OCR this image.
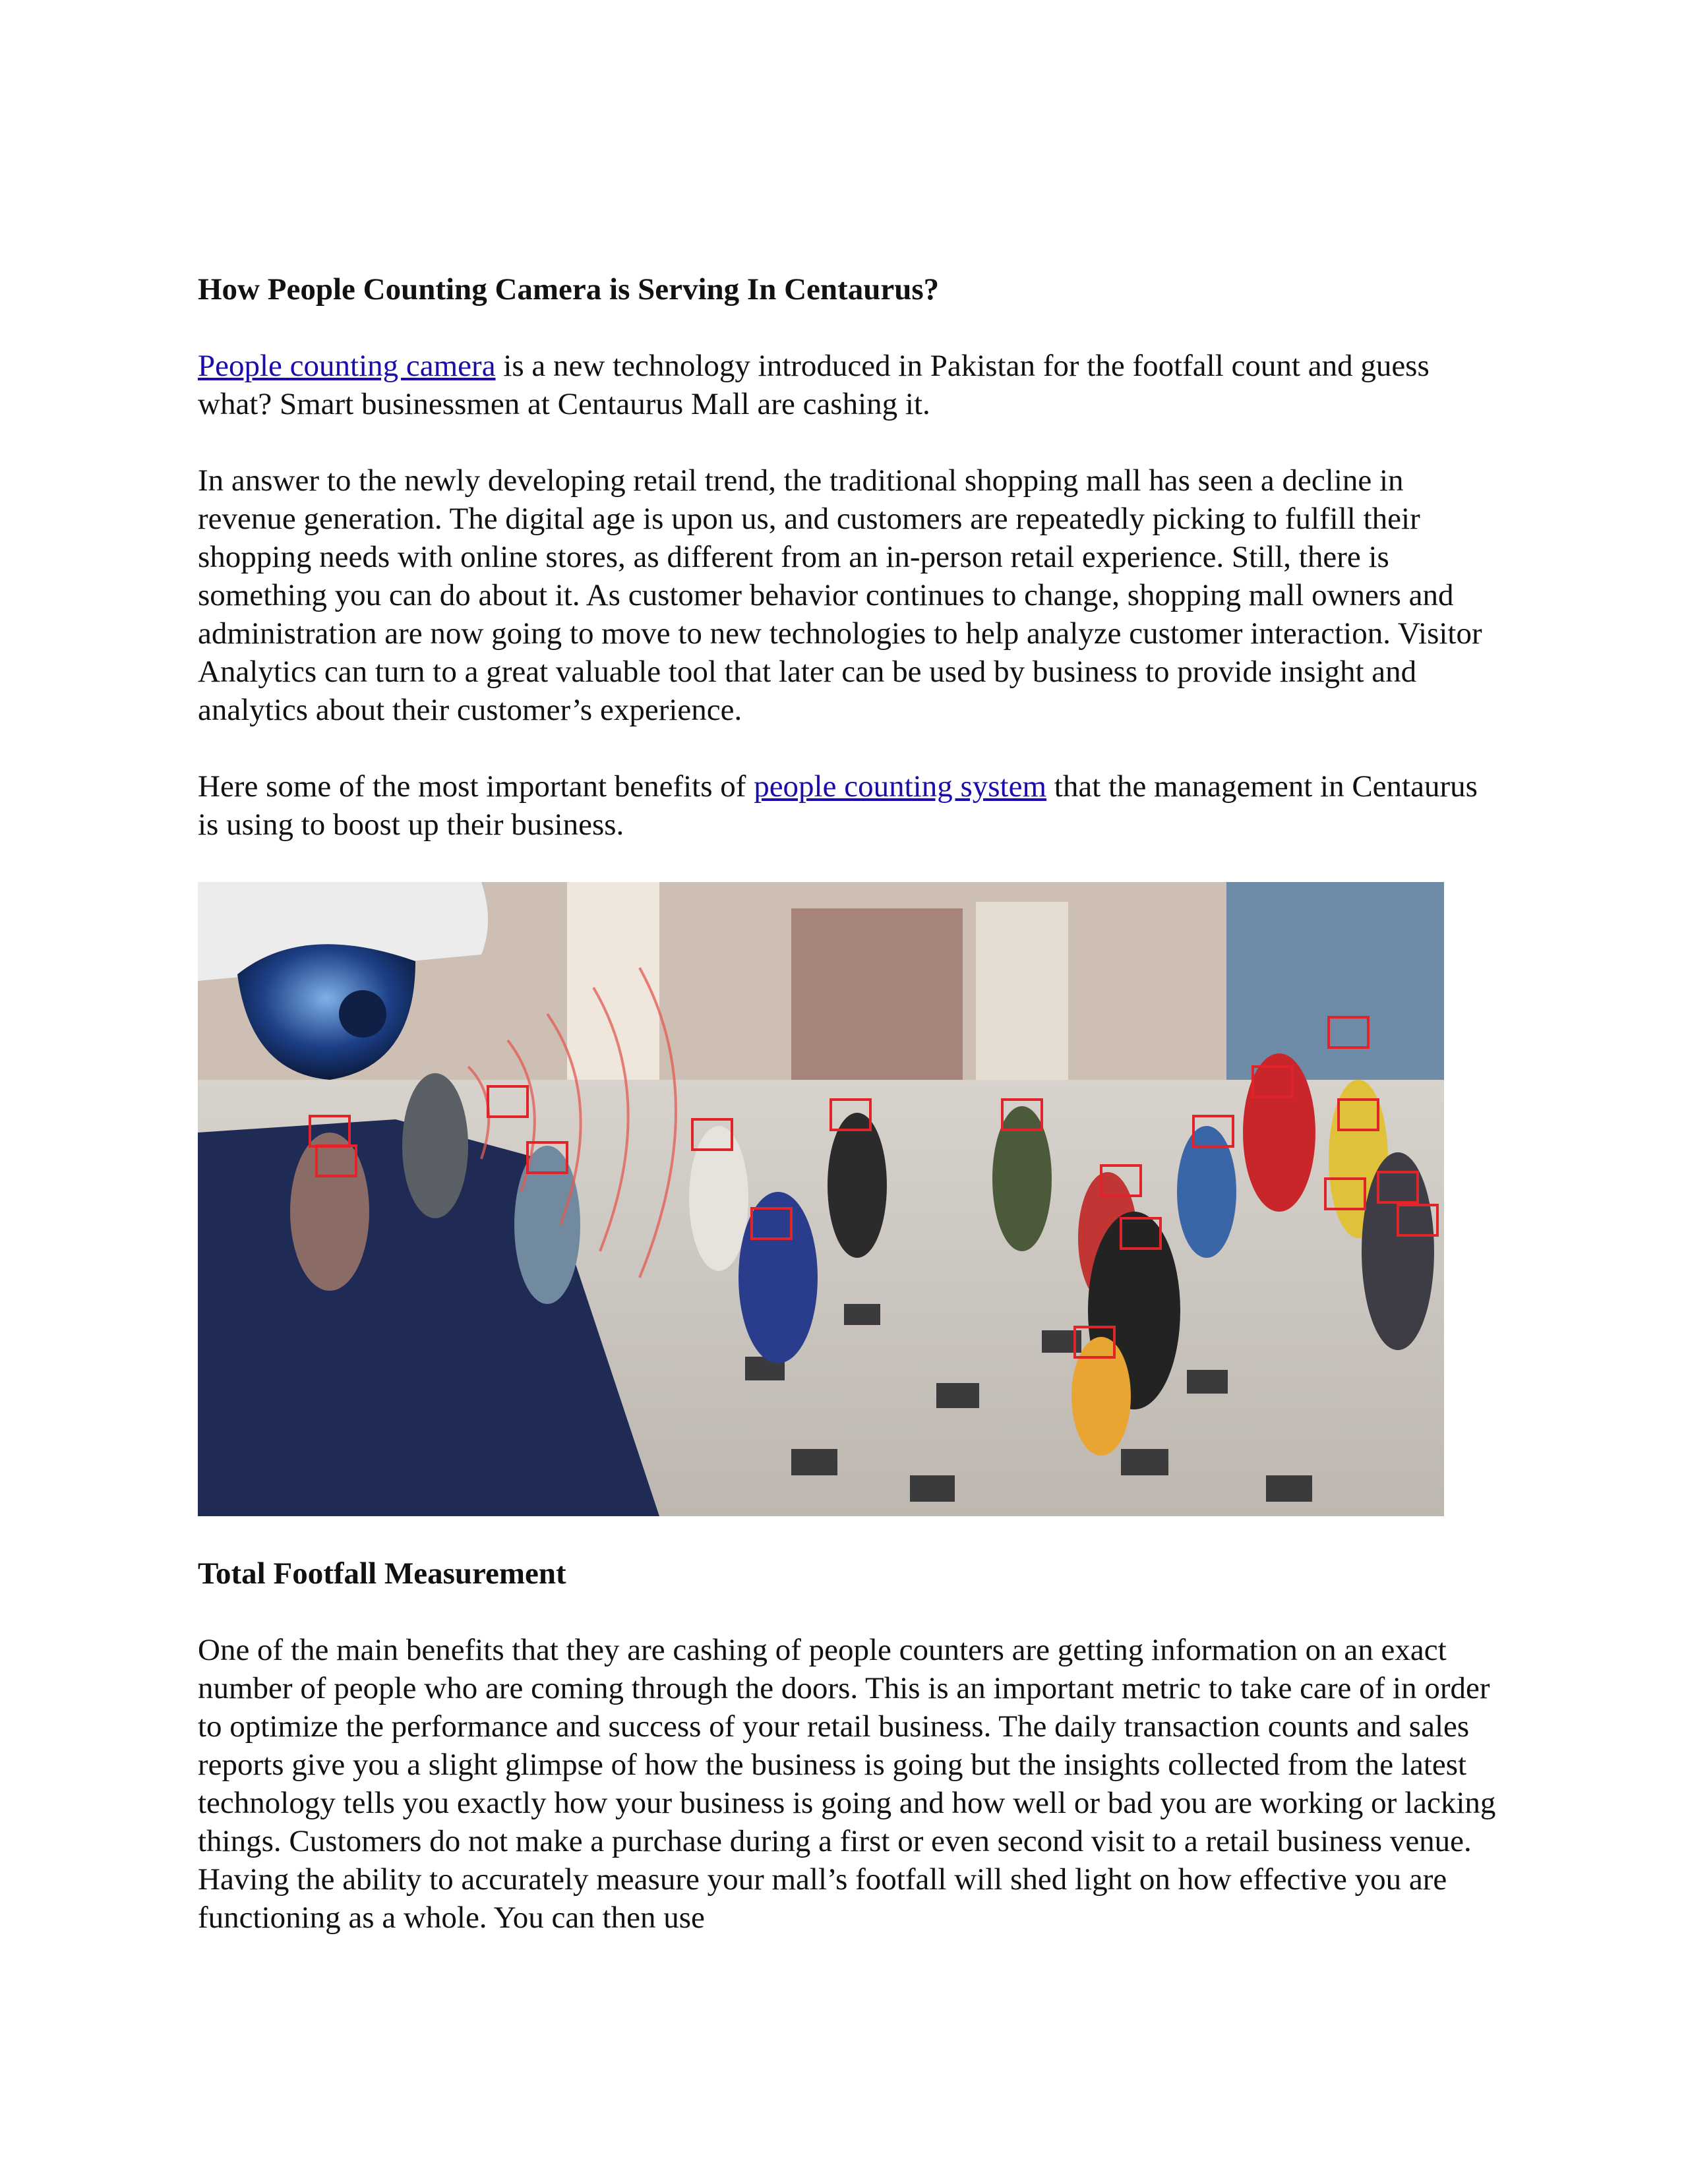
How People Counting Camera is Serving In Centaurus?

People counting camera is a new technology introduced in Pakistan for the footfall count and guess what? Smart businessmen at Centaurus Mall are cashing it.

In answer to the newly developing retail trend, the traditional shopping mall has seen a decline in revenue generation. The digital age is upon us, and customers are repeatedly picking to fulfill their shopping needs with online stores, as different from an in-person retail experience. Still, there is something you can do about it. As customer behavior continues to change, shopping mall owners and administration are now going to move to new technologies to help analyze customer interaction. Visitor Analytics can turn to a great valuable tool that later can be used by business to provide insight and analytics about their customer’s experience.

Here some of the most important benefits of people counting system that the management in Centaurus is using to boost up their business.

Total Footfall Measurement

One of the main benefits that they are cashing of people counters are getting information on an exact number of people who are coming through the doors. This is an important metric to take care of in order to optimize the performance and success of your retail business. The daily transaction counts and sales reports give you a slight glimpse of how the business is going but the insights collected from the latest technology tells you exactly how your business is going and how well or bad you are working or lacking things. Customers do not make a purchase during a first or even second visit to a retail business venue. Having the ability to accurately measure your mall’s footfall will shed light on how effective you are functioning as a whole. You can then use
